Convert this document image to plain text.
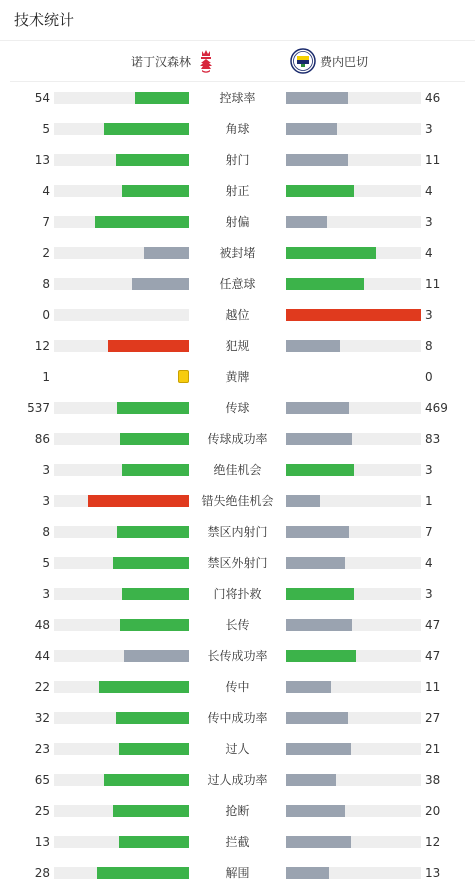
技术统计
诺丁汉森林	费内巴切
54	控球率	46
5	角球	3
13	射门	11
4	射正	4
7	射偏	3
2	被封堵	4
8	任意球	11
0	越位	3
12	犯规	8
1	黄牌	0
537	传球	469
86	传球成功率	83
3	绝佳机会	3
3	错失绝佳机会	1
8	禁区内射门	7
5	禁区外射门	4
3	门将扑救	3
48	长传	47
44	长传成功率	47
22	传中	11
32	传中成功率	27
23	过人	21
65	过人成功率	38
25	抢断	20
13	拦截	12
28	解围	13
